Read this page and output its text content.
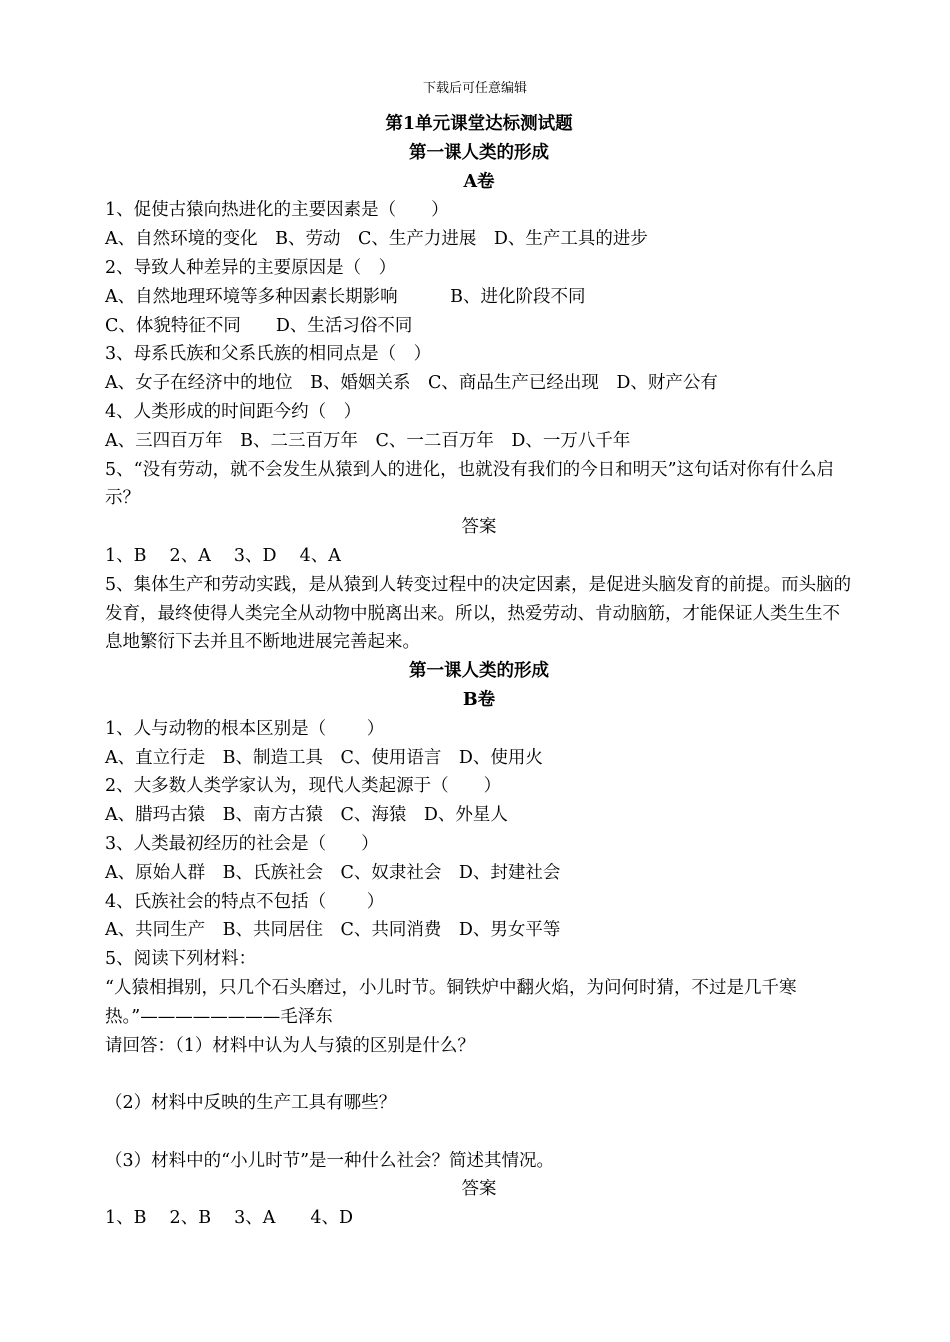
下载后可任意编辑
第1单元课堂达标测试题
第一课人类的形成
A卷
1、促使古猿向热进化的主要因素是（　　）
A、自然环境的变化　B、劳动　C、生产力进展　D、生产工具的进步
2、导致人种差异的主要原因是（　）
A、自然地理环境等多种因素长期影响　　　B、进化阶段不同
C、体貌特征不同　　D、生活习俗不同
3、母系氏族和父系氏族的相同点是（　）
A、女子在经济中的地位　B、婚姻关系　C、商品生产已经出现　D、财产公有
4、人类形成的时间距今约（　）
A、三四百万年　B、二三百万年　C、一二百万年　D、一万八千年
5、“没有劳动，就不会发生从猿到人的进化，也就没有我们的今日和明天”这句话对你有什么启示？
答案
1、B　 2、A　 3、D　 4、A
5、集体生产和劳动实践，是从猿到人转变过程中的决定因素，是促进头脑发育的前提。而头脑的发育，最终使得人类完全从动物中脱离出来。所以，热爱劳动、肯动脑筋，才能保证人类生生不息地繁衍下去并且不断地进展完善起来。
第一课人类的形成
B卷
1、人与动物的根本区别是（　 　）
A、直立行走　B、制造工具　C、使用语言　D、使用火
2、大多数人类学家认为，现代人类起源于（　　）
A、腊玛古猿　B、南方古猿　C、海猿　D、外星人
3、人类最初经历的社会是（　　）
A、原始人群　B、氏族社会　C、奴隶社会　D、封建社会
4、氏族社会的特点不包括（　 　）
A、共同生产　B、共同居住　C、共同消费　D、男女平等
5、阅读下列材料：
“人猿相揖别，只几个石头磨过，小儿时节。铜铁炉中翻火焰，为问何时猜，不过是几千寒热。”————————毛泽东
请回答：（1）材料中认为人与猿的区别是什么？
（2）材料中反映的生产工具有哪些？
（3）材料中的“小儿时节”是一种什么社会？简述其情况。
答案
1、B　 2、B　 3、A　　4、D
